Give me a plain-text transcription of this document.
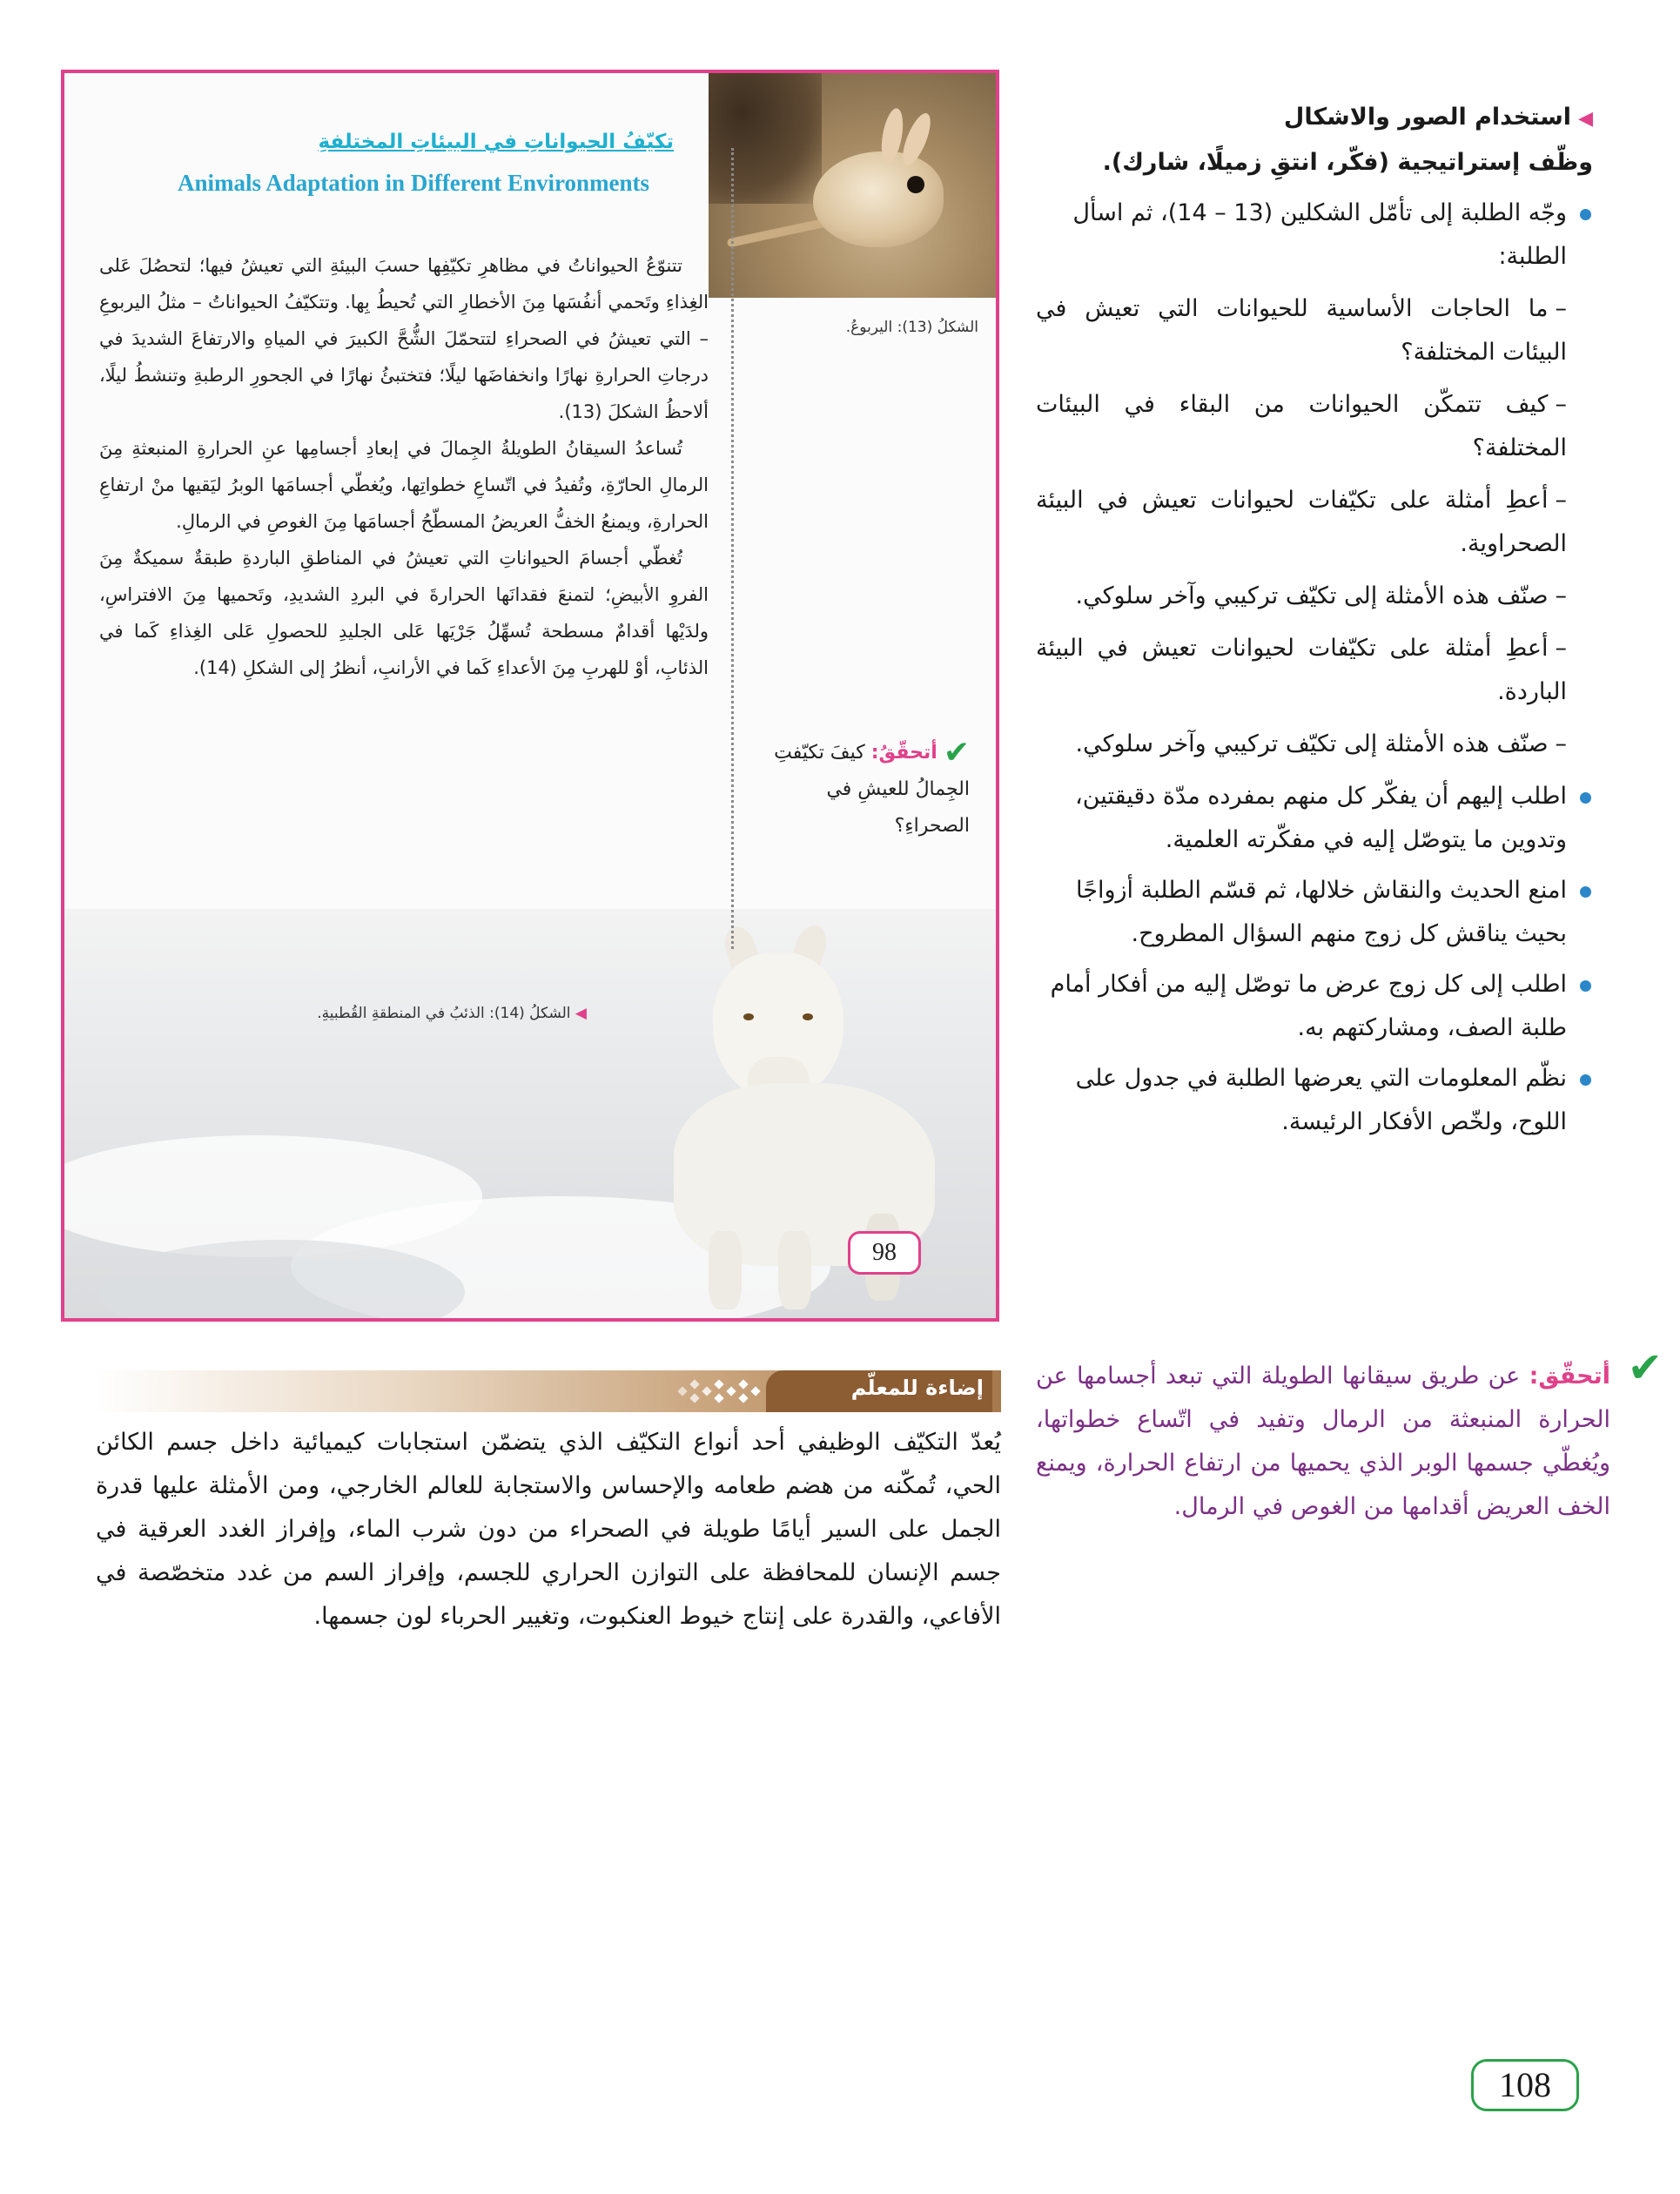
تكيّفُ الحيواناتِ في البيئاتِ المختلفةِ
Animals Adaptation in Different Environments

تتنوّعُ الحيواناتُ في مظاهرِ تكيّفِها حسبَ البيئةِ التي تعيشُ فيها؛ لتحصُلَ عَلى الغِذاءِ وتَحمي أنفُسَها مِنَ الأخطارِ التي تُحيطُ بِها. وتتكيّفُ الحيواناتُ – مثلُ اليربوعِ – التي تعيشُ في الصحراءِ لتتحمّلَ الشُّحَّ الكبيرَ في المياهِ والارتفاعَ الشديدَ في درجاتِ الحرارةِ نهارًا وانخفاضَها ليلًا؛ فتختبئُ نهارًا في الجحورِ الرطبةِ وتنشطُ ليلًا، ألاحظُ الشكلَ (13).

تُساعدُ السيقانُ الطويلةُ الجِمالَ في إبعادِ أجسامِها عنِ الحرارةِ المنبعثةِ مِنَ الرمالِ الحارّةِ، وتُفيدُ في اتّساعِ خطواتِها، ويُغطّي أجسامَها الوبرُ ليَقيها منْ ارتفاعِ الحرارةِ، ويمنعُ الخفُّ العريضُ المسطّحُ أجسامَها مِنَ الغوصِ في الرمالِ.

تُغطّي أجسامَ الحيواناتِ التي تعيشُ في المناطقِ الباردةِ طبقةٌ سميكةٌ مِنَ الفروِ الأبيضِ؛ لتمنعَ فقدانَها الحرارةَ في البردِ الشديدِ، وتَحميها مِنَ الافتراسِ، ولدَيْها أقدامٌ مسطحة تُسهِّلُ جَرْيَها عَلى الجليدِ للحصولِ عَلى الغِذاءِ كَما في الذئابِ، أوْ للهربِ مِنَ الأعداءِ كَما في الأرانبِ، أنظرُ إلى الشكلِ (14).

الشكلُ (13): اليربوعُ.
✔ أتحقّقُ: كيفَ تكيّفتِ الجِمالُ للعيشِ في الصحراءِ؟
◀ الشكلُ (14): الذئبُ في المنطقةِ القُطبيةِ.
98
◀استخدام الصور والاشكال
وظّف إستراتيجية (فكّر، انتقِ زميلًا، شارك).
وجّه الطلبة إلى تأمّل الشكلين (13 – 14)، ثم اسأل الطلبة:
–ما الحاجات الأساسية للحيوانات التي تعيش في البيئات المختلفة؟
–كيف تتمكّن الحيوانات من البقاء في البيئات المختلفة؟
–أعطِ أمثلة على تكيّفات لحيوانات تعيش في البيئة الصحراوية.
–صنّف هذه الأمثلة إلى تكيّف تركيبي وآخر سلوكي.
–أعطِ أمثلة على تكيّفات لحيوانات تعيش في البيئة الباردة.
–صنّف هذه الأمثلة إلى تكيّف تركيبي وآخر سلوكي.
اطلب إليهم أن يفكّر كل منهم بمفرده مدّة دقيقتين، وتدوين ما يتوصّل إليه في مفكّرته العلمية.
امنع الحديث والنقاش خلالها، ثم قسّم الطلبة أزواجًا بحيث يناقش كل زوج منهم السؤال المطروح.
اطلب إلى كل زوج عرض ما توصّل إليه من أفكار أمام طلبة الصف، ومشاركتهم به.
نظّم المعلومات التي يعرضها الطلبة في جدول على اللوح، ولخّص الأفكار الرئيسة.
✔
أتحقّق: عن طريق سيقانها الطويلة التي تبعد أجسامها عن الحرارة المنبعثة من الرمال وتفيد في اتّساع خطواتها، ويُغطّي جسمها الوبر الذي يحميها من ارتفاع الحرارة، ويمنع الخف العريض أقدامها من الغوص في الرمال.
إضاءة للمعلّم
يُعدّ التكيّف الوظيفي أحد أنواع التكيّف الذي يتضمّن استجابات كيميائية داخل جسم الكائن الحي، تُمكّنه من هضم طعامه والإحساس والاستجابة للعالم الخارجي، ومن الأمثلة عليها قدرة الجمل على السير أيامًا طويلة في الصحراء من دون شرب الماء، وإفراز الغدد العرقية في جسم الإنسان للمحافظة على التوازن الحراري للجسم، وإفراز السم من غدد متخصّصة في الأفاعي، والقدرة على إنتاج خيوط العنكبوت، وتغيير الحرباء لون جسمها.
108
